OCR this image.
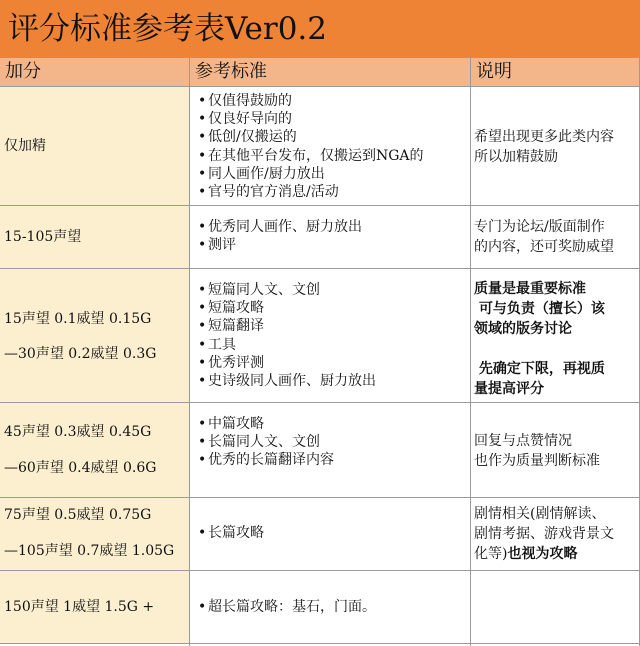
评分标准参考表Ver0.2
加分	参考标准	说明
仅加精
• 仅值得鼓励的
• 仅良好导向的
• 低创/仅搬运的
• 在其他平台发布，仅搬运到NGA的
• 同人画作/厨力放出
• 官号的官方消息/活动
希望出现更多此类内容
所以加精鼓励
15-105声望
• 优秀同人画作、厨力放出
• 测评
专门为论坛/版面制作
的内容，还可奖励威望
15声望 0.1威望 0.15G
—30声望 0.2威望 0.3G
• 短篇同人文、文创
• 短篇攻略
• 短篇翻译
• 工具
• 优秀评测
• 史诗级同人画作、厨力放出
质量是最重要标准
可与负责（擅长）该
领域的版务讨论
先确定下限，再视质
量提高评分
45声望 0.3威望 0.45G
—60声望 0.4威望 0.6G
• 中篇攻略
• 长篇同人文、文创
• 优秀的长篇翻译内容
回复与点赞情况
也作为质量判断标准
75声望 0.5威望 0.75G
—105声望 0.7威望 1.05G
• 长篇攻略
剧情相关(剧情解读、
剧情考据、游戏背景文
化等)也视为攻略
150声望 1威望 1.5G +
•	超长篇攻略：基石，门面。
